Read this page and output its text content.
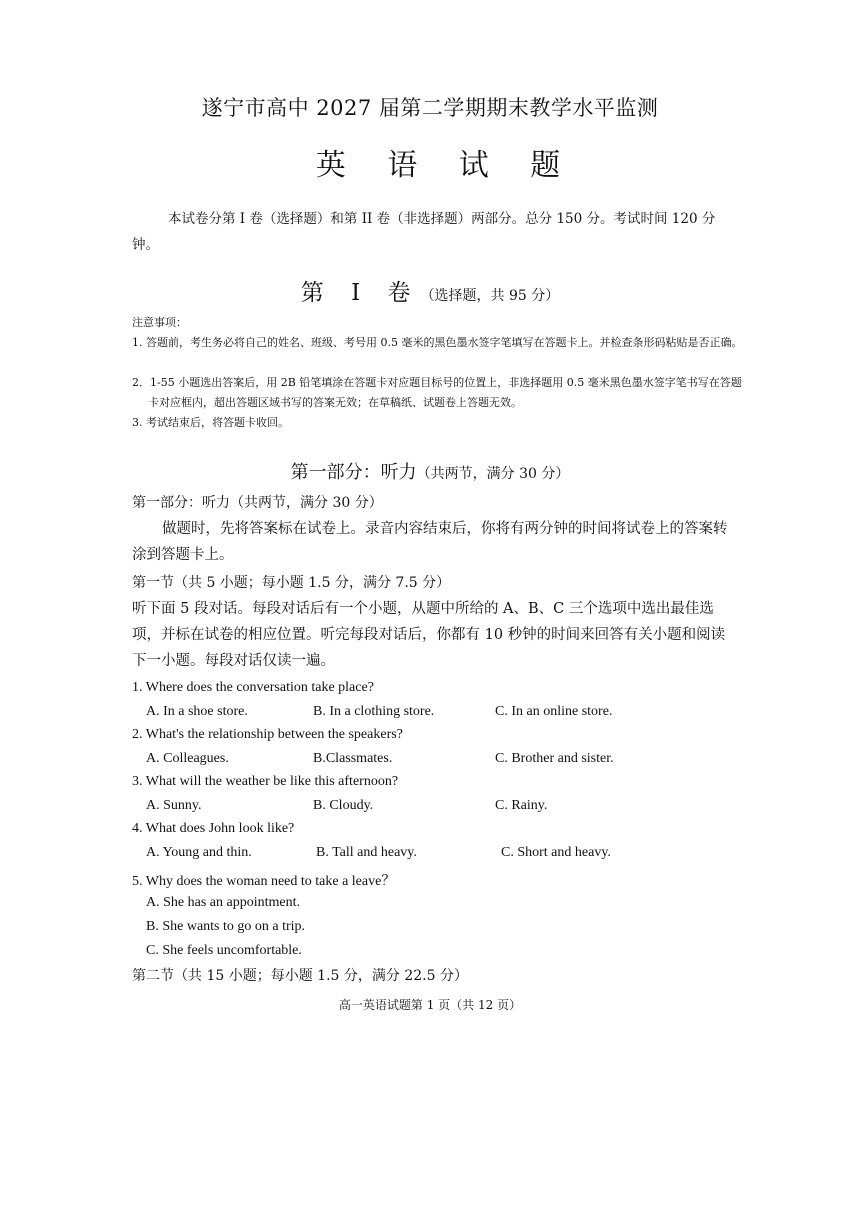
遂宁市高中 2027 届第二学期期末教学水平监测
英 语 试 题
本试卷分第 I 卷（选择题）和第 II 卷（非选择题）两部分。总分 150 分。考试时间 120 分钟。
第 I 卷（选择题，共 95 分）
注意事项：
1. 答题前，考生务必将自己的姓名、班级、考号用 0.5 毫米的黑色墨水签字笔填写在答题卡上。并检查条形码粘贴是否正确。
2．1-55 小题选出答案后，用 2B 铅笔填涂在答题卡对应题目标号的位置上，非选择题用 0.5 毫米黑色墨水签字笔书写在答题卡对应框内，超出答题区域书写的答案无效；在草稿纸、试题卷上答题无效。
3. 考试结束后，将答题卡收回。
第一部分：听力（共两节，满分 30 分）
第一部分：听力（共两节，满分 30 分）
做题时，先将答案标在试卷上。录音内容结束后，你将有两分钟的时间将试卷上的答案转涂到答题卡上。
第一节（共 5 小题；每小题 1.5 分，满分 7.5 分）
听下面 5 段对话。每段对话后有一个小题，从题中所给的 A、B、C 三个选项中选出最佳选项，并标在试卷的相应位置。听完每段对话后，你都有 10 秒钟的时间来回答有关小题和阅读下一小题。每段对话仅读一遍。
1. Where does the conversation take place?
A. In a shoe store.	B. In a clothing store.	C. In an online store.
2. What's the relationship between the speakers?
A. Colleagues.	B.Classmates.	C. Brother and sister.
3. What will the weather be like this afternoon?
A. Sunny.	B. Cloudy.	C. Rainy.
4. What does John look like?
A. Young and thin.	B. Tall and heavy.	C. Short and heavy.
5. Why does the woman need to take a leave？
A. She has an appointment.
B. She wants to go on a trip.
C. She feels uncomfortable.
第二节（共 15 小题；每小题 1.5 分，满分 22.5 分）
高一英语试题第 1 页（共 12 页）
